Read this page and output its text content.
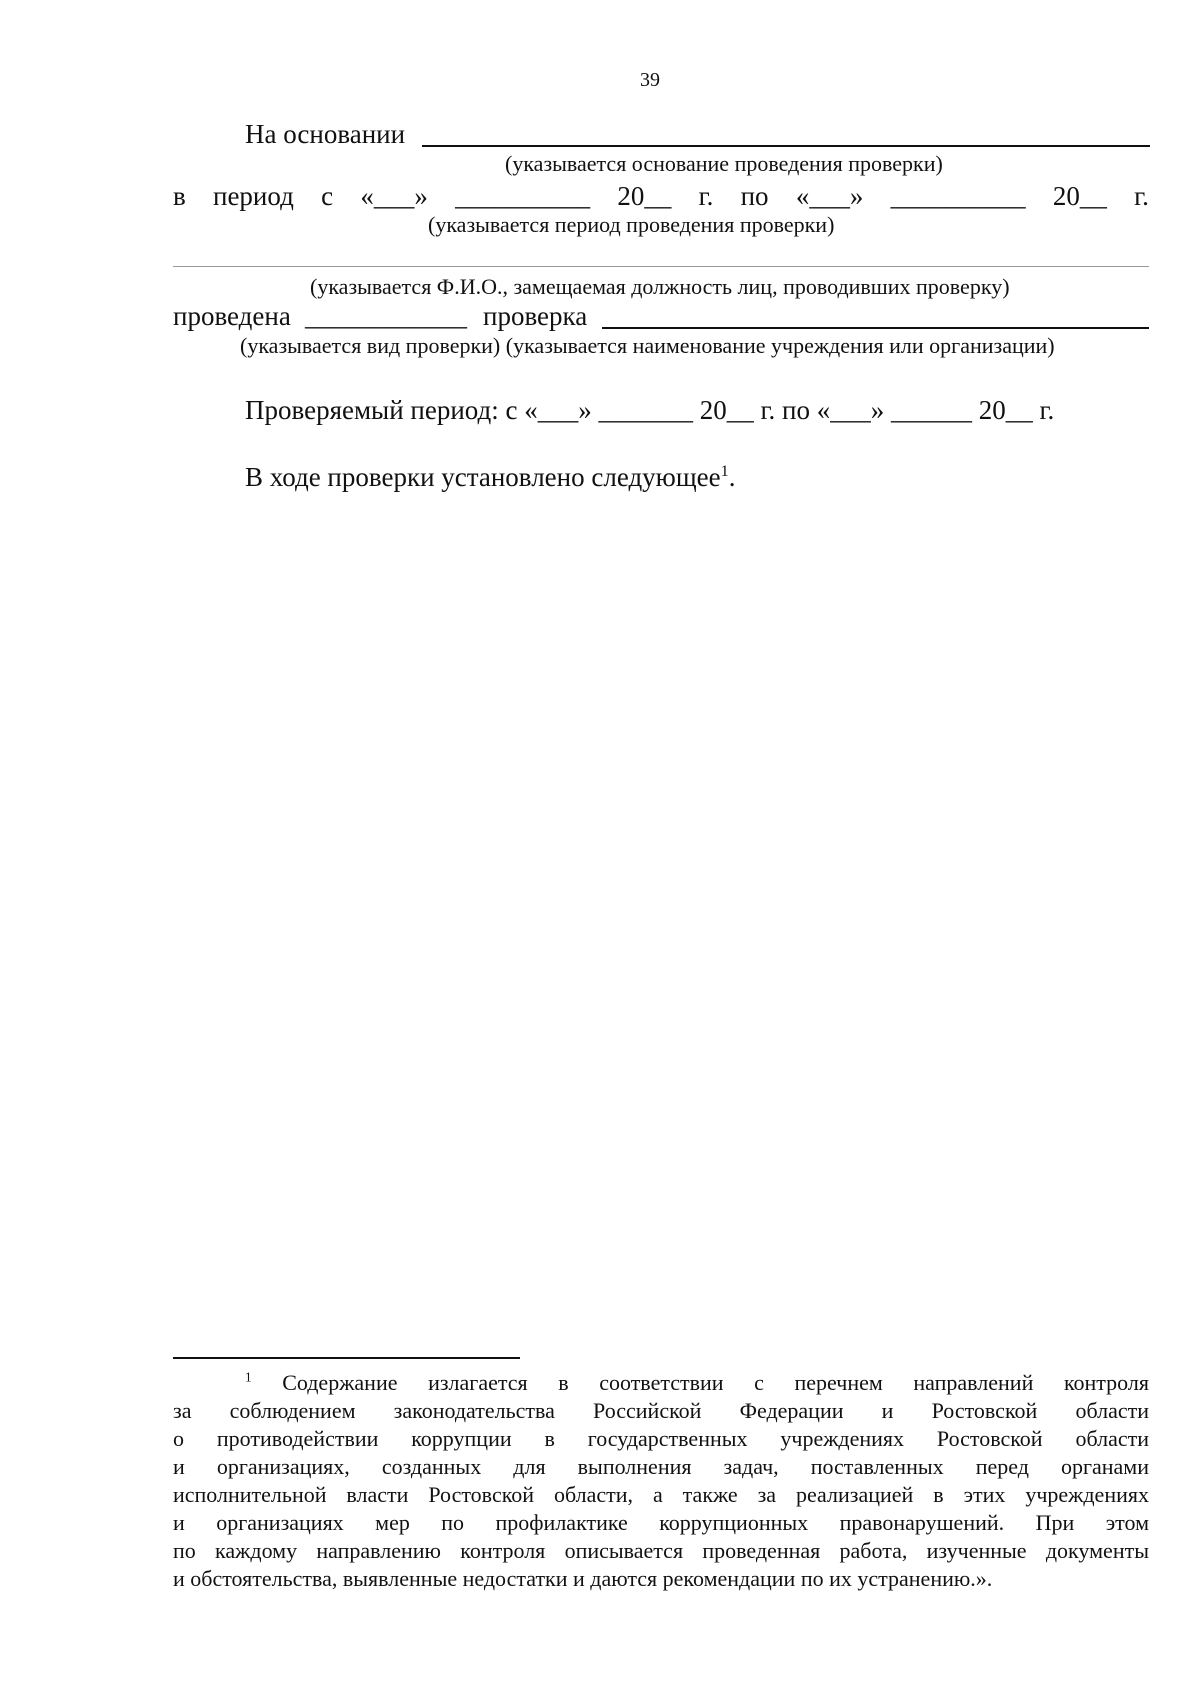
39
На основании
(указывается основание проведения проверки)
в период с «___» __________ 20__ г. по «___» __________ 20__ г.
(указывается период проведения проверки)
(указывается Ф.И.О., замещаемая должность лиц, проводивших проверку)
проведена ____________ проверка
(указывается вид проверки) (указывается наименование учреждения или организации)
Проверяемый период: с «___» _______ 20__ г. по «___» ______ 20__ г.
В ходе проверки установлено следующее$^1$.
$^1$ Содержание излагается в соответствии с перечнем направлений контроля
за соблюдением законодательства Российской Федерации и Ростовской области
о противодействии коррупции в государственных учреждениях Ростовской области
и организациях, созданных для выполнения задач, поставленных перед органами
исполнительной власти Ростовской области, а также за реализацией в этих учреждениях
и организациях мер по профилактике коррупционных правонарушений. При этом
по каждому направлению контроля описывается проведенная работа, изученные документы
и обстоятельства, выявленные недостатки и даются рекомендации по их устранению.».
